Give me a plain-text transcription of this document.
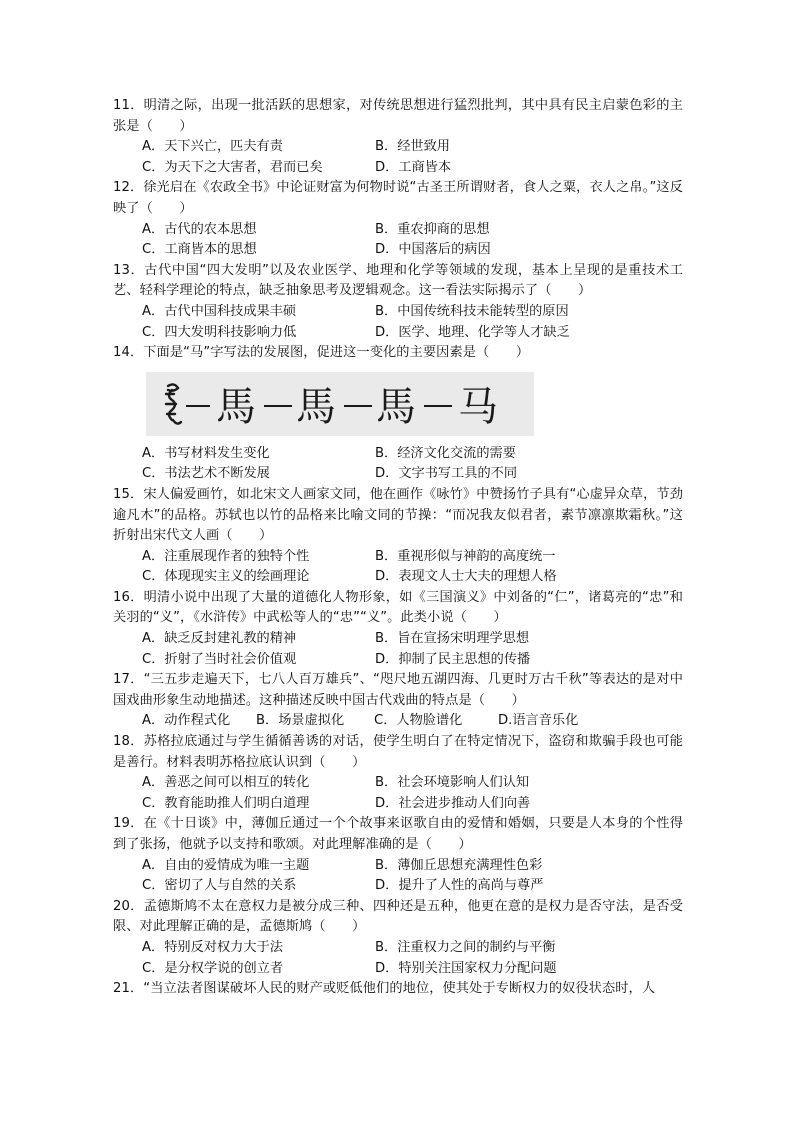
11．明清之际，出现一批活跃的思想家，对传统思想进行猛烈批判，其中具有民主启蒙色彩的主张是（　　）

A．天下兴亡，匹夫有责	B．经世致用
C．为天下之大害者，君而已矣	D．工商皆本

12．徐光启在《农政全书》中论证财富为何物时说“古圣王所谓财者，食人之粟，衣人之帛。”这反映了（　　）

A．古代的农本思想	B．重农抑商的思想
C．工商皆本的思想	D．中国落后的病因

13．古代中国“四大发明”以及农业医学、地理和化学等领域的发现，基本上呈现的是重技术工艺、轻科学理论的特点，缺乏抽象思考及逻辑观念。这一看法实际揭示了（　　）

A．古代中国科技成果丰硕	B．中国传统科技未能转型的原因
C．四大发明科技影响力低	D．医学、地理、化学等人才缺乏

14．下面是“马”字写法的发展图，促进这一变化的主要因素是（　　）

馬 馬 馬 马
A．书写材料发生变化	B．经济文化交流的需要
C．书法艺术不断发展	D．文字书写工具的不同

15．宋人偏爱画竹，如北宋文人画家文同，他在画作《咏竹》中赞扬竹子具有“心虚异众草，节劲逾凡木”的品格。苏轼也以竹的品格来比喻文同的节操：“而况我友似君者，素节凛凛欺霜秋。”这折射出宋代文人画（　　）

A．注重展现作者的独特个性	B．重视形似与神韵的高度统一
C．体现现实主义的绘画理论	D．表现文人士大夫的理想人格

16．明清小说中出现了大量的道德化人物形象，如《三国演义》中刘备的“仁”，诸葛亮的“忠”和关羽的“义”，《水浒传》中武松等人的“忠”“义”。此类小说（　　）

A．缺乏反封建礼教的精神	B．旨在宣扬宋明理学思想
C．折射了当时社会价值观	D．抑制了民主思想的传播

17．“三五步走遍天下，七八人百万雄兵”、“咫尺地五湖四海、几更时万古千秋”等表达的是对中国戏曲形象生动地描述。这种描述反映中国古代戏曲的特点是（　　）

A．动作程式化	B．场景虚拟化	C．人物脸谱化	D.语言音乐化

18．苏格拉底通过与学生循循善诱的对话，使学生明白了在特定情况下，盗窃和欺骗手段也可能是善行。材料表明苏格拉底认识到（　　）

A．善恶之间可以相互的转化	B．社会环境影响人们认知
C．教育能助推人们明白道理	D．社会进步推动人们向善

19．在《十日谈》中，薄伽丘通过一个个故事来讴歌自由的爱情和婚姻，只要是人本身的个性得到了张扬，他就予以支持和歌颂。对此理解准确的是（　　）

A．自由的爱情成为唯一主题	B．薄伽丘思想充满理性色彩
C．密切了人与自然的关系	D．提升了人性的高尚与尊严

20．孟德斯鸠不太在意权力是被分成三种、四种还是五种，他更在意的是权力是否守法，是否受限、对此理解正确的是，孟德斯鸠（　　）

A．特别反对权力大于法	B．注重权力之间的制约与平衡
C．是分权学说的创立者	D．特别关注国家权力分配问题

21．“当立法者图谋破坏人民的财产或贬低他们的地位，使其处于专断权力的奴役状态时，人
